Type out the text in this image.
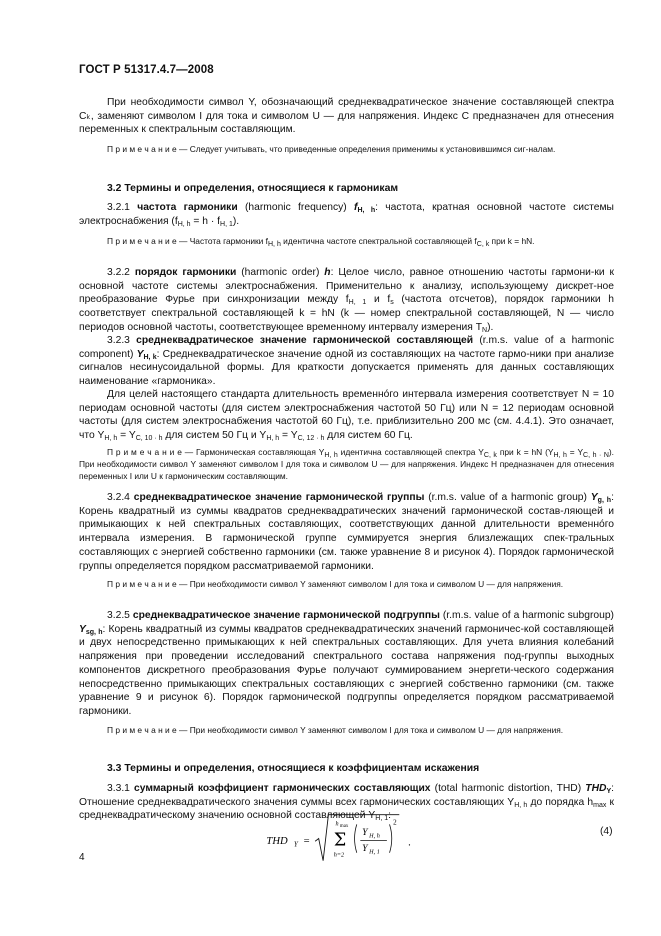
ГОСТ Р 51317.4.7—2008
При необходимости символ Y, обозначающий среднеквадратическое значение составляющей спектра Cₖ, заменяют символом I для тока и символом U — для напряжения. Индекс C предназначен для отнесения переменных к спектральным составляющим.
П р и м е ч а н и е — Следует учитывать, что приведенные определения применимы к установившимся сиг-налам.
3.2 Термины и определения, относящиеся к гармоникам
3.2.1 частота гармоники (harmonic frequency) $f_{H, h}$: частота, кратная основной частоте системы электроснабжения $(f_{H, h} = h \cdot f_{H, 1})$.
П р и м е ч а н и е — Частота гармоники $f_{H, h}$ идентична частоте спектральной составляющей $f_{C, k}$ при k = hN.
3.2.2 порядок гармоники (harmonic order) h: Целое число, равное отношению частоты гармони-ки к основной частоте системы электроснабжения. Применительно к анализу, использующему дискрет-ное преобразование Фурье при синхронизации между $f_{H, 1}$ и $f_s$ (частота отсчетов), порядок гармоники h соответствует спектральной составляющей k = hN (k — номер спектральной составляющей, N — число периодов основной частоты, соответствующее временному интервалу измерения $T_N$).
3.2.3 среднеквадратическое значение гармонической составляющей (r.m.s. value of a harmonic component) $Y_{H, k}$: Среднеквадратическое значение одной из составляющих на частоте гармо-ники при анализе сигналов несинусоидальной формы. Для краткости допускается применять для данных составляющих наименование «гармоника».
Для целей настоящего стандарта длительность временно́го интервала измерения соответствует N = 10 периодам основной частоты (для систем электроснабжения частотой 50 Гц) или N = 12 периодам основной частоты (для систем электроснабжения частотой 60 Гц), т.е. приблизительно 200 мс (см. 4.4.1). Это означает, что $Y_{H, h} = Y_{C, 10 \cdot h}$ для систем 50 Гц и $Y_{H, h} = Y_{C, 12 \cdot h}$ для систем 60 Гц.
П р и м е ч а н и е — Гармоническая составляющая $Y_{H, h}$ идентична составляющей спектра $Y_{C, k}$ при k = hN $(Y_{H, h} = Y_{C, h \cdot N})$. При необходимости символ Y заменяют символом I для тока и символом U — для напряжения. Индекс H предназначен для отнесения переменных I или U к гармоническим составляющим.
3.2.4 среднеквадратическое значение гармонической группы (r.m.s. value of a harmonic group) $Y_{g, h}$: Корень квадратный из суммы квадратов среднеквадратических значений гармонической состав-ляющей и примыкающих к ней спектральных составляющих, соответствующих данной длительности временно́го интервала измерения. В гармонической группе суммируется энергия близлежащих спек-тральных составляющих с энергией собственно гармоники (см. также уравнение 8 и рисунок 4). Порядок гармонической группы определяется порядком рассматриваемой гармоники.
П р и м е ч а н и е — При необходимости символ Y заменяют символом I для тока и символом U — для напряжения.
3.2.5 среднеквадратическое значение гармонической подгруппы (r.m.s. value of a harmonic subgroup) $Y_{sg, h}$: Корень квадратный из суммы квадратов среднеквадратических значений гармоничес-кой составляющей и двух непосредственно примыкающих к ней спектральных составляющих. Для учета влияния колебаний напряжения при проведении исследований спектрального состава напряжения под-группы выходных компонентов дискретного преобразования Фурье получают суммированием энергети-ческого содержания непосредственно примыкающих спектральных составляющих с энергией собственно гармоники (см. также уравнение 9 и рисунок 6). Порядок гармонической подгруппы определяется порядком рассматриваемой гармоники.
П р и м е ч а н и е — При необходимости символ Y заменяют символом I для тока и символом U — для напряжения.
3.3 Термины и определения, относящиеся к коэффициентам искажения
3.3.1 суммарный коэффициент гармонических составляющих (total harmonic distortion, THD) $THD_Y$: Отношение среднеквадратического значения суммы всех гармонических составляющих $Y_{H, h}$ до порядка $h_{max}$ к среднеквадратическому значению основной составляющей $Y_{H, 1}$:
THD Y =
h max
Σ
h=2
Y H, h
Y H, 1
2
.
(4)
4
